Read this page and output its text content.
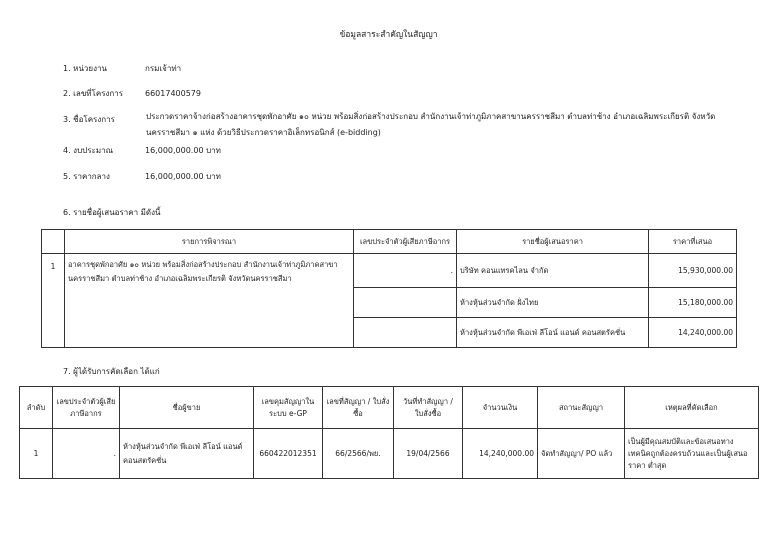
ข้อมูลสาระสำคัญในสัญญา
1. หน่วยงาน	กรมเจ้าท่า
2. เลขที่โครงการ	66017400579
3. ชื่อโครงการ	ประกวดราคาจ้างก่อสร้างอาคารชุดพักอาศัย ๑๐ หน่วย พร้อมสิ่งก่อสร้างประกอบ สำนักงานเจ้าท่าภูมิภาคสาขานครราชสีมา ตำบลท่าช้าง อำเภอเฉลิมพระเกียรติ จังหวัดนครราชสีมา ๑ แห่ง ด้วยวิธีประกวดราคาอิเล็กทรอนิกส์ (e-bidding)
4. งบประมาณ	16,000,000.00 บาท
5. ราคากลาง	16,000,000.00 บาท
6. รายชื่อผู้เสนอราคา มีดังนี้
	รายการพิจารณา	เลขประจำตัวผู้เสียภาษีอากร	รายชื่อผู้เสนอราคา	ราคาที่เสนอ
1	อาคารชุดพักอาศัย ๑๐ หน่วย พร้อมสิ่งก่อสร้างประกอบ สำนักงานเจ้าท่าภูมิภาคสาขานครราชสีมา ตำบลท่าช้าง อำเภอเฉลิมพระเกียรติ จังหวัดนครราชสีมา	.	บริษัท คอนแทรคไลน จำกัด	15,930,000.00
			ห้างหุ้นส่วนจำกัด ฝั่งไทย	15,180,000.00
			ห้างหุ้นส่วนจำกัด พีเอเฟ่ ลีโอน์ แอนด์ คอนสตรัคชั่น	14,240,000.00
7. ผู้ได้รับการคัดเลือก ได้แก่
ลำดับ	เลขประจำตัวผู้เสียภาษีอากร	ชื่อผู้ขาย	เลขคุมสัญญาในระบบ e-GP	เลขที่สัญญา / ใบสั่งซื้อ	วันที่ทำสัญญา / ใบสั่งซื้อ	จำนวนเงิน	สถานะสัญญา	เหตุผลที่คัดเลือก
1	.	ห้างหุ้นส่วนจำกัด พีเอเฟ่ ลีโอน์ แอนด์ คอนสตรัคชั่น	660422012351	66/2566/พย.	19/04/2566	14,240,000.00	จัดทำสัญญา/ PO แล้ว	เป็นผู้มีคุณสมบัติและข้อเสนอทางเทคนิคถูกต้องครบถ้วนและเป็นผู้เสนอราคา ต่ำสุด
